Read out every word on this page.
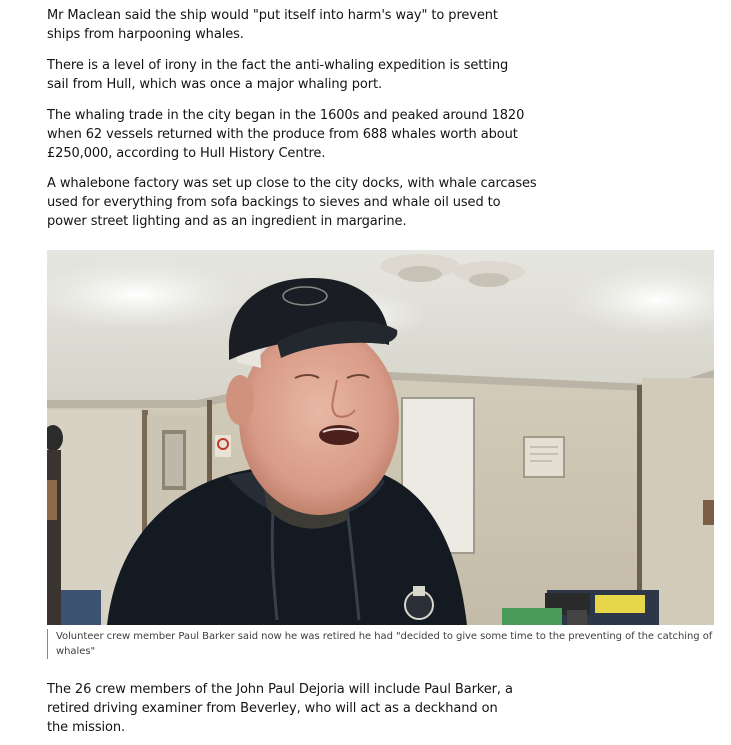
Mr Maclean said the ship would "put itself into harm's way" to prevent ships from harpooning whales.

There is a level of irony in the fact the anti-whaling expedition is setting sail from Hull, which was once a major whaling port.

The whaling trade in the city began in the 1600s and peaked around 1820 when 62 vessels returned with the produce from 688 whales worth about £250,000, according to Hull History Centre.

A whalebone factory was set up close to the city docks, with whale carcases used for everything from sofa backings to sieves and whale oil used to power street lighting and as an ingredient in margarine.

Volunteer crew member Paul Barker said now he was retired he had "decided to give some time to the preventing of the catching of whales"

The 26 crew members of the John Paul Dejoria will include Paul Barker, a retired driving examiner from Beverley, who will act as a deckhand on the mission.
